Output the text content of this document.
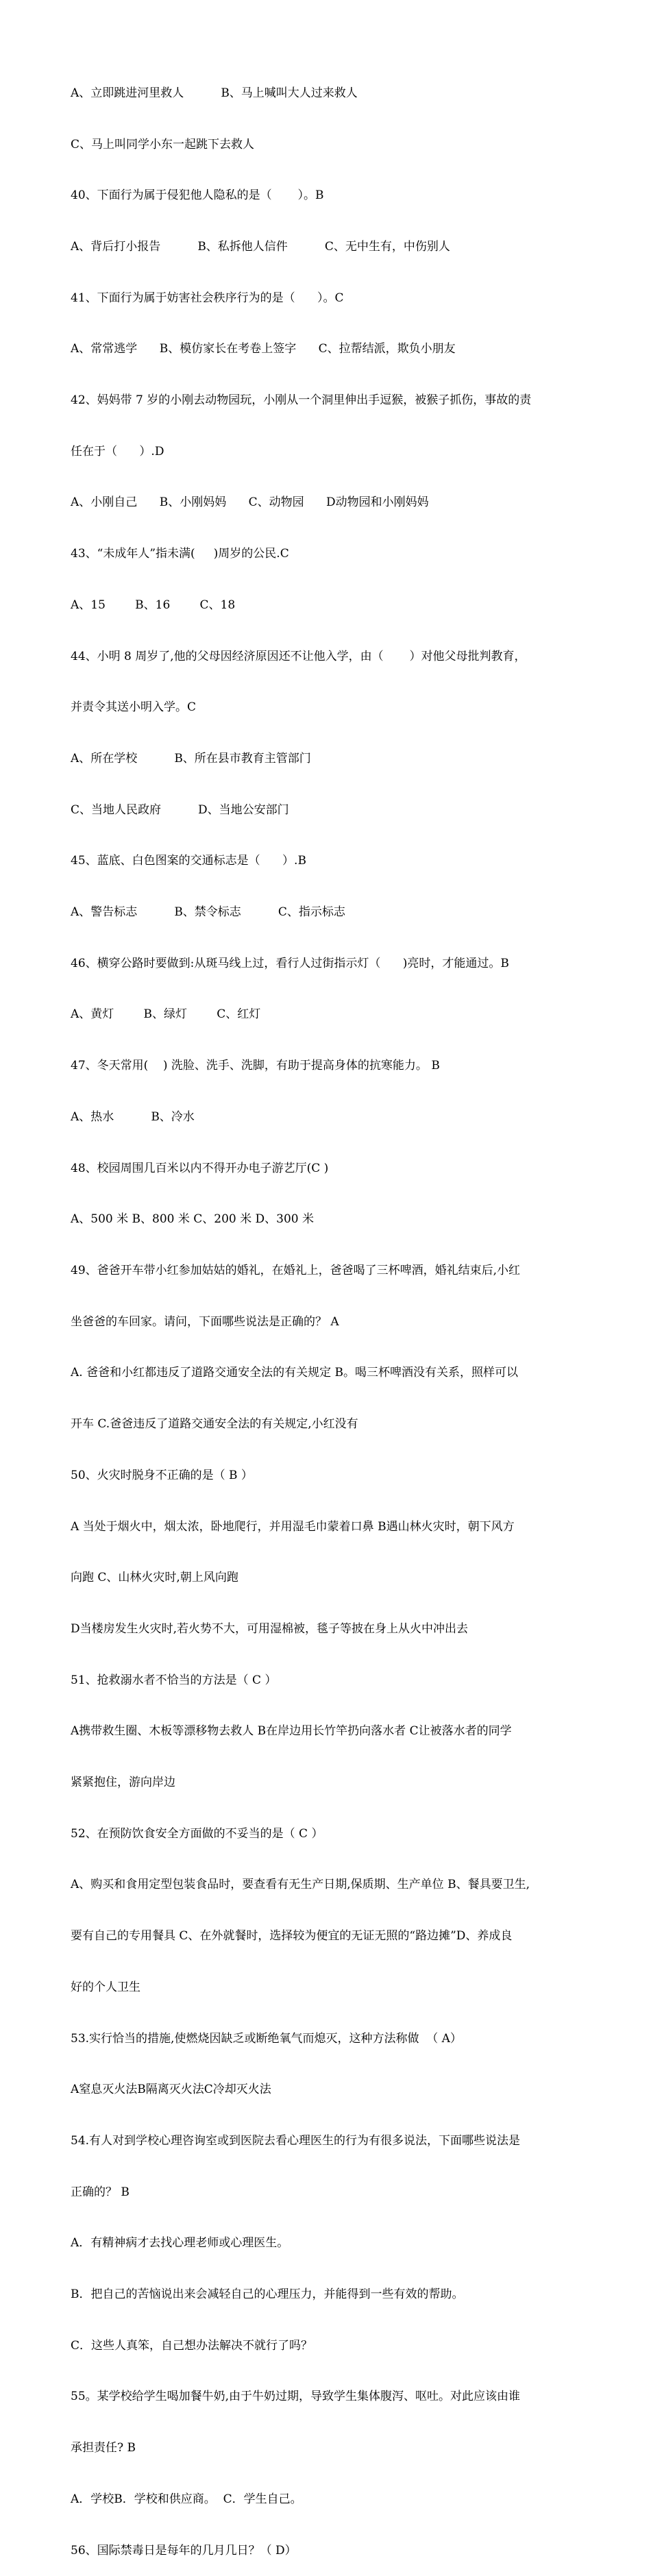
A、立即跳进河里救人          B、马上喊叫大人过来救人

C、马上叫同学小东一起跳下去救人

40、下面行为属于侵犯他人隐私的是（       ）。B

A、背后打小报告          B、私拆他人信件          C、无中生有，中伤别人

41、下面行为属于妨害社会秩序行为的是（      ）。C

A、常常逃学      B、模仿家长在考卷上签字      C、拉帮结派，欺负小朋友

42、妈妈带 7 岁的小刚去动物园玩，小刚从一个洞里伸出手逗猴，被猴子抓伤，事故的责

任在于（      ）.D

A、小刚自己      B、小刚妈妈      C、动物园      D动物园和小刚妈妈

43、“未成年人”指未满(     )周岁的公民.C

A、15        B、16        C、18

44、小明 8 周岁了,他的父母因经济原因还不让他入学，由（       ）对他父母批判教育，

并责令其送小明入学。C

A、所在学校          B、所在县市教育主管部门

C、当地人民政府          D、当地公安部门

45、蓝底、白色图案的交通标志是（      ）.B

A、警告标志          B、禁令标志          C、指示标志

46、横穿公路时要做到:从斑马线上过，看行人过街指示灯（      )亮时，才能通过。B

A、黄灯        B、绿灯        C、红灯

47、冬天常用(    ) 洗脸、洗手、洗脚，有助于提高身体的抗寒能力。 B

A、热水          B、冷水

48、校园周围几百米以内不得开办电子游艺厅(C )

A、500 米 B、800 米 C、200 米 D、300 米

49、爸爸开车带小红参加姑姑的婚礼，在婚礼上，爸爸喝了三杯啤酒，婚礼结束后,小红

坐爸爸的车回家。请问，下面哪些说法是正确的？ A

A. 爸爸和小红都违反了道路交通安全法的有关规定 B。喝三杯啤酒没有关系，照样可以

开车 C.爸爸违反了道路交通安全法的有关规定,小红没有

50、火灾时脱身不正确的是（ B ）

A 当处于烟火中，烟太浓，卧地爬行，并用湿毛巾蒙着口鼻 B遇山林火灾时，朝下风方

向跑 C、山林火灾时,朝上风向跑

D当楼房发生火灾时,若火势不大，可用湿棉被，毯子等披在身上从火中冲出去

51、抢救溺水者不恰当的方法是（ C ）

A携带救生圈、木板等漂移物去救人 B在岸边用长竹竿扔向落水者 C让被落水者的同学

紧紧抱住，游向岸边

52、在预防饮食安全方面做的不妥当的是（ C ）

A、购买和食用定型包装食品时，要查看有无生产日期,保质期、生产单位 B、餐具要卫生,

要有自己的专用餐具 C、在外就餐时，选择较为便宜的无证无照的“路边摊”D、养成良

好的个人卫生

53.实行恰当的措施,使燃烧因缺乏或断绝氧气而熄灭，这种方法称做  （ A）

A窒息灭火法B隔离灭火法C冷却灭火法

54.有人对到学校心理咨询室或到医院去看心理医生的行为有很多说法，下面哪些说法是

正确的？ B

A．有精神病才去找心理老师或心理医生。

B．把自己的苦恼说出来会减轻自己的心理压力，并能得到一些有效的帮助。

C．这些人真笨，自己想办法解决不就行了吗？

55。某学校给学生喝加餐牛奶,由于牛奶过期，导致学生集体腹泻、呕吐。对此应该由谁

承担责任? B

A．学校B．学校和供应商。  C．学生自己。

56、国际禁毒日是每年的几月几日？（ D）
